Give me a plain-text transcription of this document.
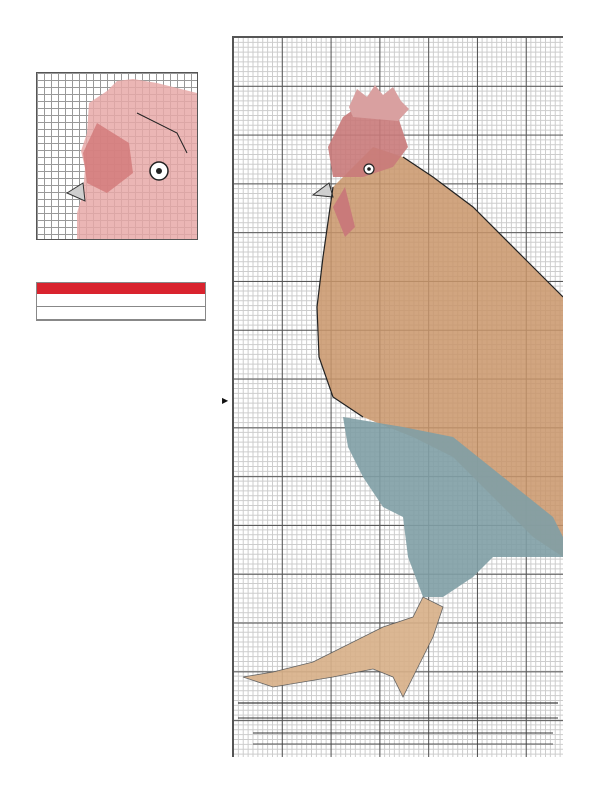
▶
